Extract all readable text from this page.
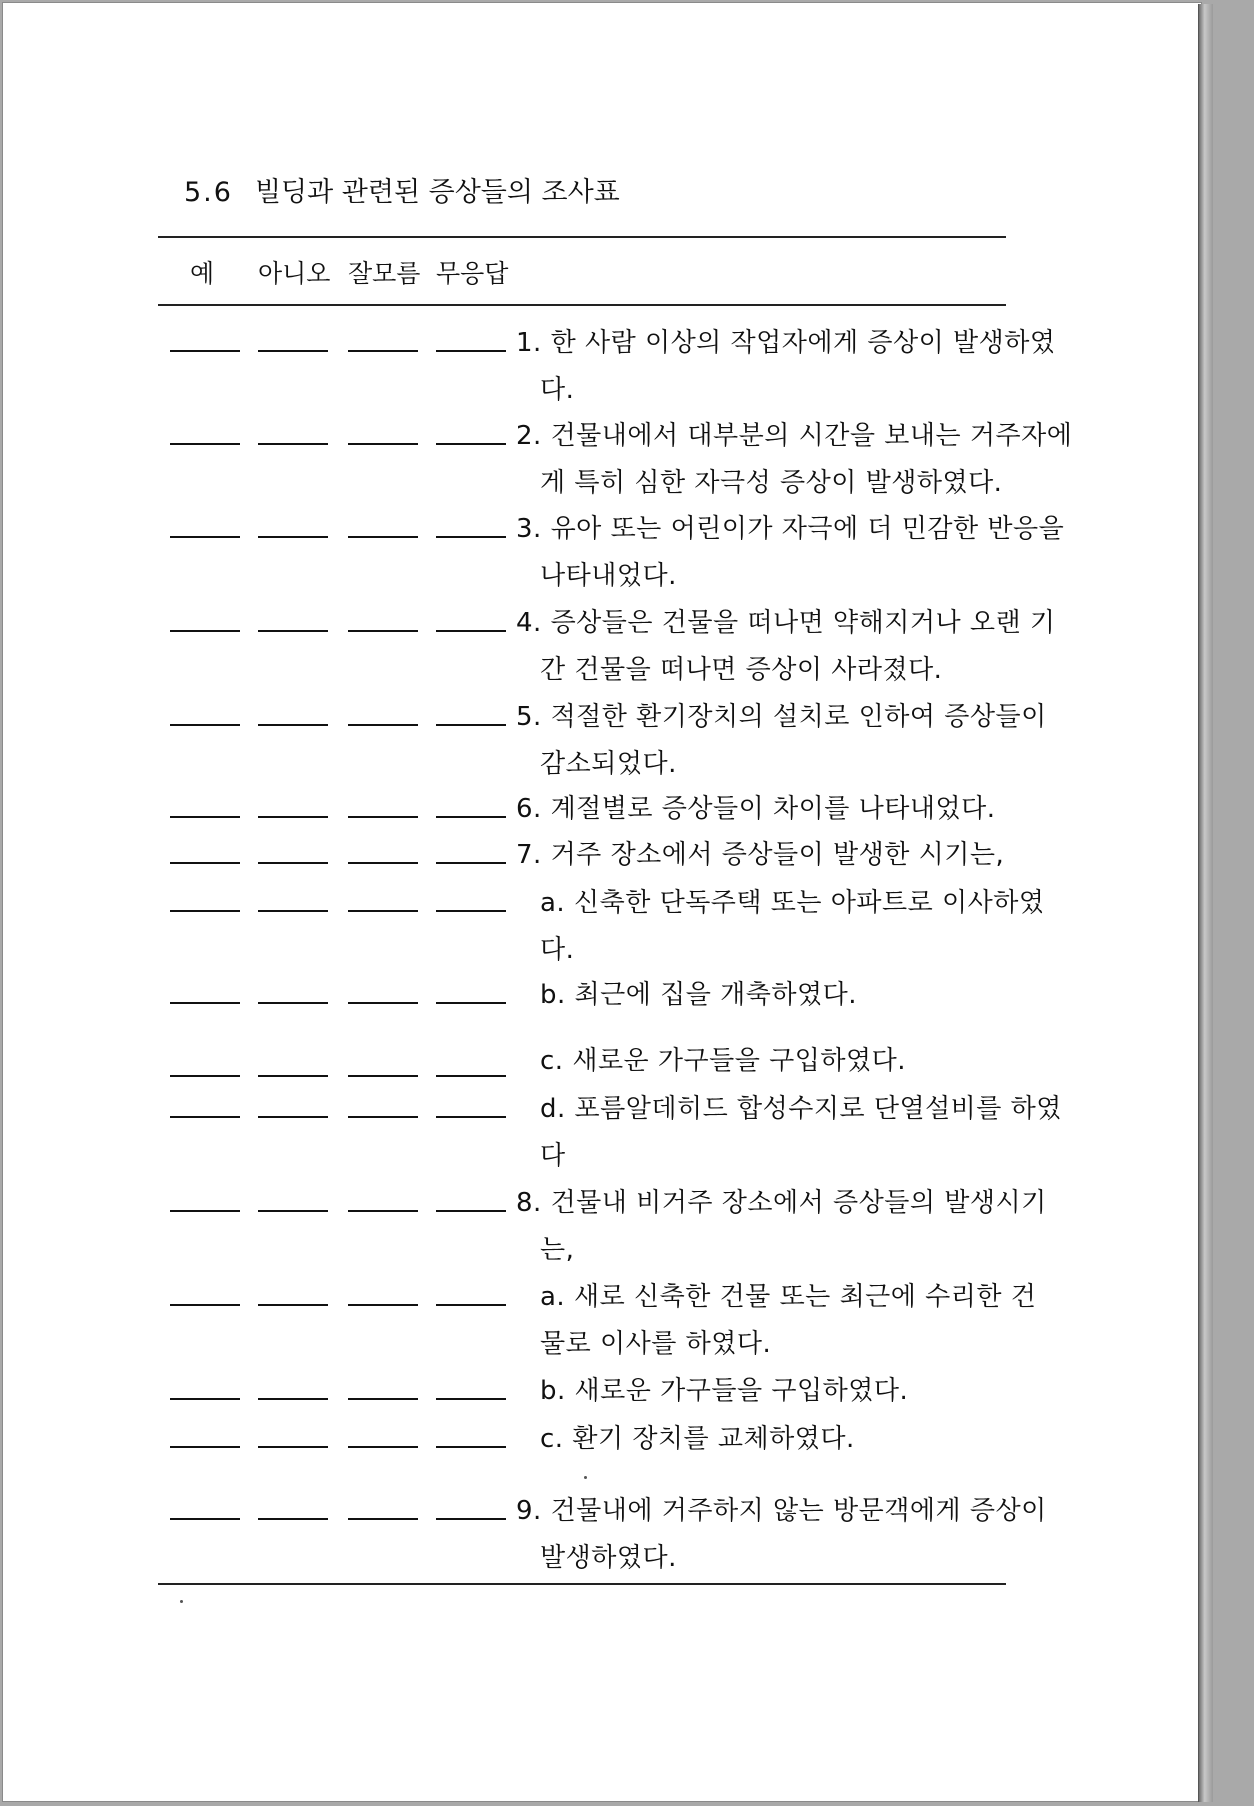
5.6 빌딩과 관련된 증상들의 조사표
예 아니오 잘모름 무응답
1. 한 사람 이상의 작업자에게 증상이 발생하였
다.
2. 건물내에서 대부분의 시간을 보내는 거주자에
게 특히 심한 자극성 증상이 발생하였다.
3. 유아 또는 어린이가 자극에 더 민감한 반응을
나타내었다.
4. 증상들은 건물을 떠나면 약해지거나 오랜 기
간 건물을 떠나면 증상이 사라졌다.
5. 적절한 환기장치의 설치로 인하여 증상들이
감소되었다.
6. 계절별로 증상들이 차이를 나타내었다.
7. 거주 장소에서 증상들이 발생한 시기는,
a. 신축한 단독주택 또는 아파트로 이사하였
다.
b. 최근에 집을 개축하였다.
c. 새로운 가구들을 구입하였다.
d. 포름알데히드 합성수지로 단열설비를 하였
다
8. 건물내 비거주 장소에서 증상들의 발생시기
는,
a. 새로 신축한 건물 또는 최근에 수리한 건
물로 이사를 하였다.
b. 새로운 가구들을 구입하였다.
c. 환기 장치를 교체하였다.
9. 건물내에 거주하지 않는 방문객에게 증상이
발생하였다.
